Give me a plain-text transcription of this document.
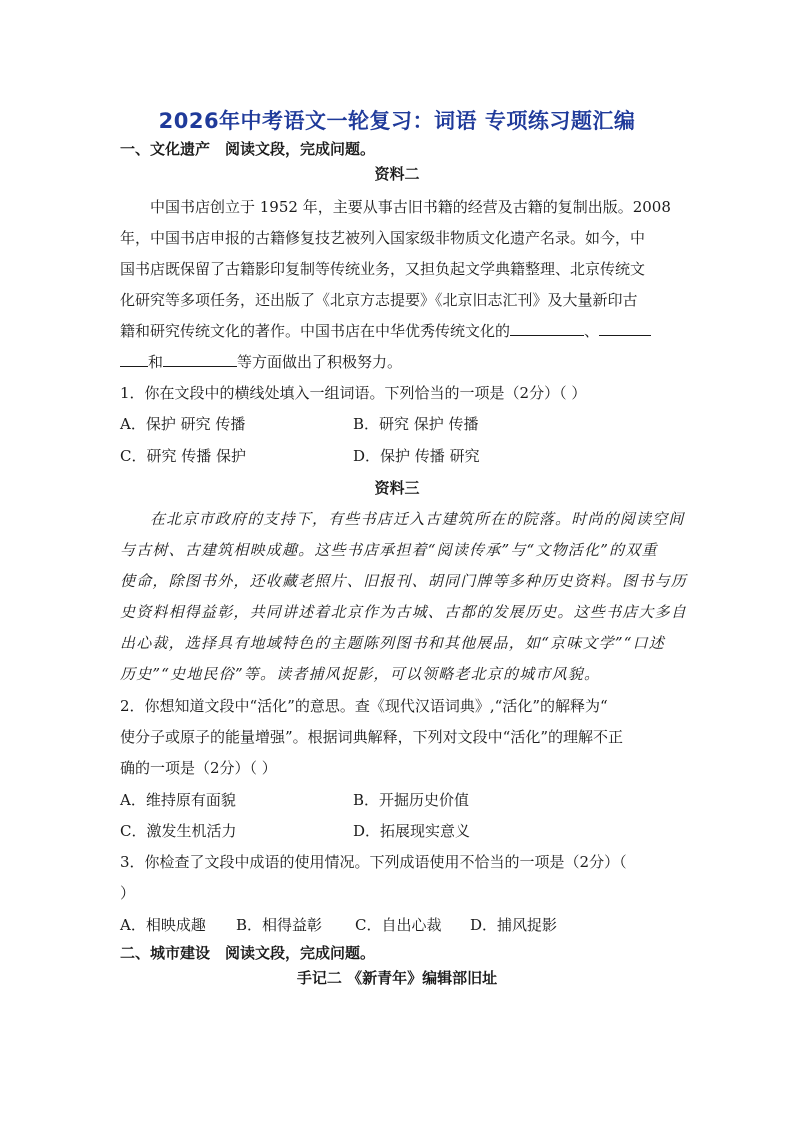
2026年中考语文一轮复习：词语 专项练习题汇编
一、文化遗产　阅读文段，完成问题。
资料二
中国书店创立于 1952 年，主要从事古旧书籍的经营及古籍的复制出版。2008
年，中国书店申报的古籍修复技艺被列入国家级非物质文化遗产名录。如今，中
国书店既保留了古籍影印复制等传统业务，又担负起文学典籍整理、北京传统文
化研究等多项任务，还出版了《北京方志提要》《北京旧志汇刊》及大量新印古
籍和研究传统文化的著作。中国书店在中华优秀传统文化的	、
和	等方面做出了积极努力。
1．你在文段中的横线处填入一组词语。下列恰当的一项是（2分）（ ）
A．保护 研究 传播	B．研究 保护 传播
C．研究 传播 保护	D．保护 传播 研究
资料三
在北京市政府的支持下，有些书店迁入古建筑所在的院落。时尚的阅读空间
与古树、古建筑相映成趣。这些书店承担着“阅读传承”与“文物活化”的双重
使命，除图书外，还收藏老照片、旧报刊、胡同门牌等多种历史资料。图书与历
史资料相得益彰，共同讲述着北京作为古城、古都的发展历史。这些书店大多自
出心裁，选择具有地域特色的主题陈列图书和其他展品，如“京味文学”“口述
历史”“史地民俗”等。读者捕风捉影，可以领略老北京的城市风貌。
2．你想知道文段中“活化”的意思。查《现代汉语词典》,“活化”的解释为“
使分子或原子的能量增强”。根据词典解释，下列对文段中“活化”的理解不正
确的一项是（2分）（ ）
A．维持原有面貌	B．开掘历史价值
C．激发生机活力	D．拓展现实意义
3．你检查了文段中成语的使用情况。下列成语使用不恰当的一项是（2分）（
）
A．相映成趣 B．相得益彰 C．自出心裁 D．捕风捉影
二、城市建设　阅读文段，完成问题。
手记二 《新青年》编辑部旧址
